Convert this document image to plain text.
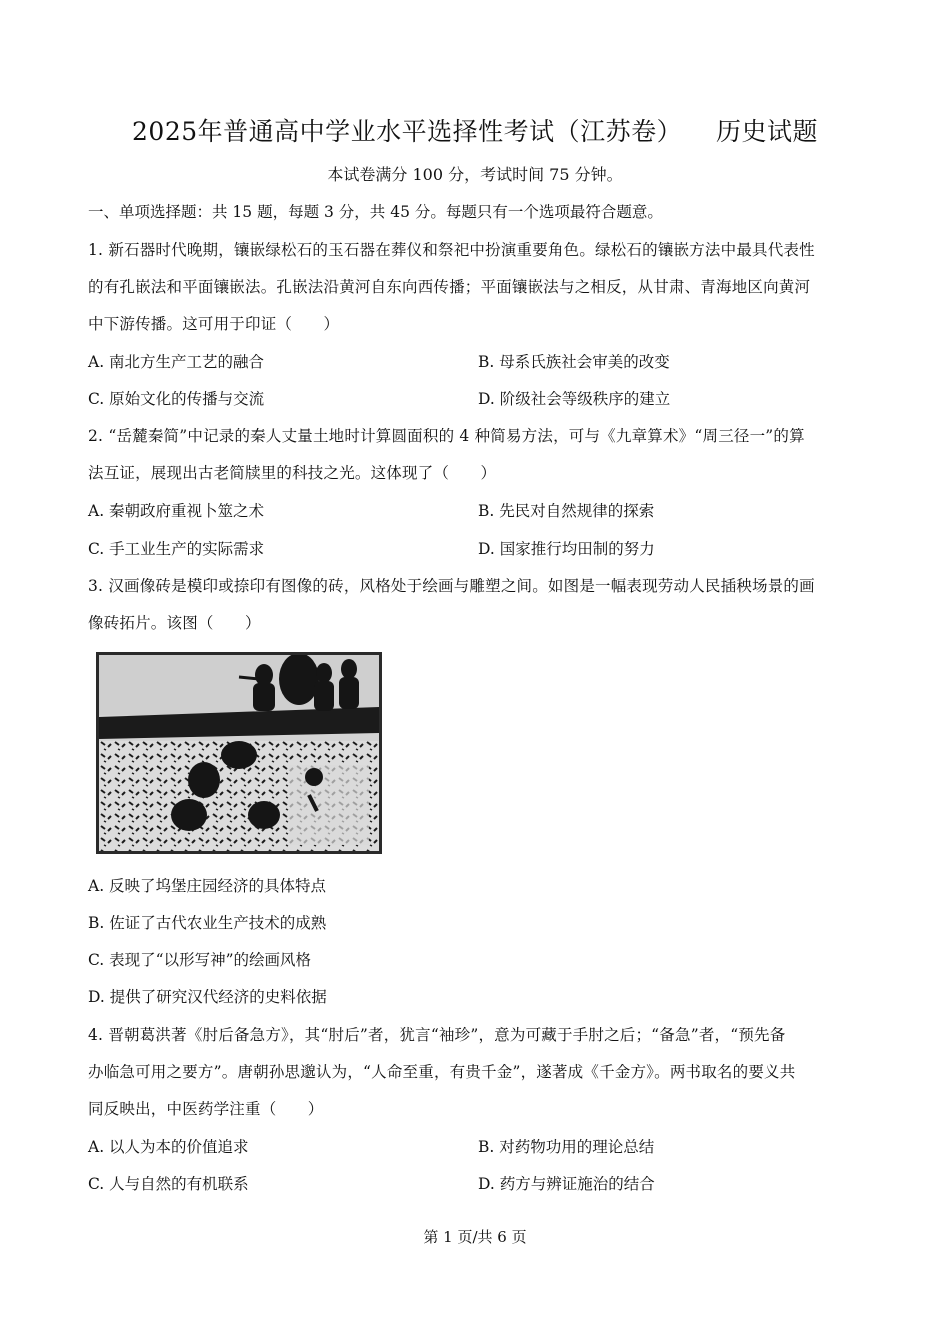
2025年普通高中学业水平选择性考试（江苏卷）    历史试题
本试卷满分 100 分，考试时间 75 分钟。
一、单项选择题：共 15 题，每题 3 分，共 45 分。每题只有一个选项最符合题意。
1. 新石器时代晚期，镶嵌绿松石的玉石器在葬仪和祭祀中扮演重要角色。绿松石的镶嵌方法中最具代表性
的有孔嵌法和平面镶嵌法。孔嵌法沿黄河自东向西传播；平面镶嵌法与之相反，从甘肃、青海地区向黄河
中下游传播。这可用于印证（　　）
A. 南北方生产工艺的融合	B. 母系氏族社会审美的改变
C. 原始文化的传播与交流	D. 阶级社会等级秩序的建立
2. “岳麓秦简”中记录的秦人丈量土地时计算圆面积的 4 种简易方法，可与《九章算术》“周三径一”的算
法互证，展现出古老简牍里的科技之光。这体现了（　　）
A. 秦朝政府重视卜筮之术	B. 先民对自然规律的探索
C. 手工业生产的实际需求	D. 国家推行均田制的努力
3. 汉画像砖是模印或捺印有图像的砖，风格处于绘画与雕塑之间。如图是一幅表现劳动人民插秧场景的画
像砖拓片。该图（　　）
A. 反映了坞堡庄园经济的具体特点
B. 佐证了古代农业生产技术的成熟
C. 表现了“以形写神”的绘画风格
D. 提供了研究汉代经济的史料依据
4. 晋朝葛洪著《肘后备急方》，其“肘后”者，犹言“袖珍”，意为可藏于手肘之后；“备急”者，“预先备
办临急可用之要方”。唐朝孙思邈认为，“人命至重，有贵千金”，遂著成《千金方》。两书取名的要义共
同反映出，中医药学注重（　　）
A. 以人为本的价值追求	B. 对药物功用的理论总结
C. 人与自然的有机联系	D. 药方与辨证施治的结合
第 1 页/共 6 页
